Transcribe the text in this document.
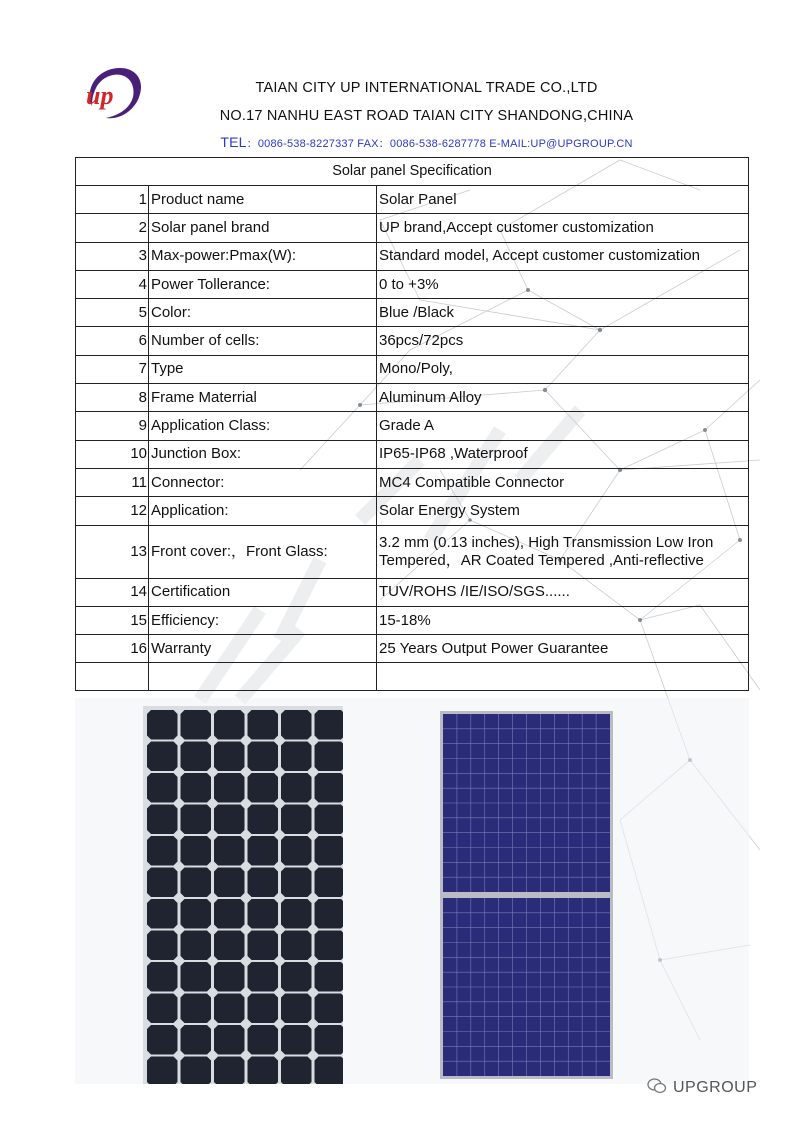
up	TAIAN CITY UP INTERNATIONAL TRADE CO.,LTD
NO.17 NANHU EAST ROAD TAIAN CITY SHANDONG,CHINA
TEL：0086-538-8227337 FAX：0086-538-6287778 E-MAIL:UP@UPGROUP.CN
Solar panel Specification		
1	Product name	Solar Panel
2	Solar panel brand	UP brand,Accept customer customization
3	Max-power:Pmax(W):	Standard model, Accept customer customization
4	Power Tollerance:	0 to +3%
5	Color:	Blue /Black
6	Number of cells:	36pcs/72pcs
7	Type	Mono/Poly,
8	Frame Materrial	Aluminum Alloy
9	Application Class:	Grade A
10	Junction Box:	IP65-IP68 ,Waterproof
11	Connector:	MC4 Compatible Connector
12	Application:	Solar Energy System
13	Front cover:，Front Glass:	3.2 mm (0.13 inches), High Transmission Low Iron Tempered，AR Coated Tempered ,Anti-reflective
14	Certification	TUV/ROHS /IE/ISO/SGS......
15	Efficiency:	15-18%
16	Warranty	25 Years Output Power Guarantee

UPGROUP
